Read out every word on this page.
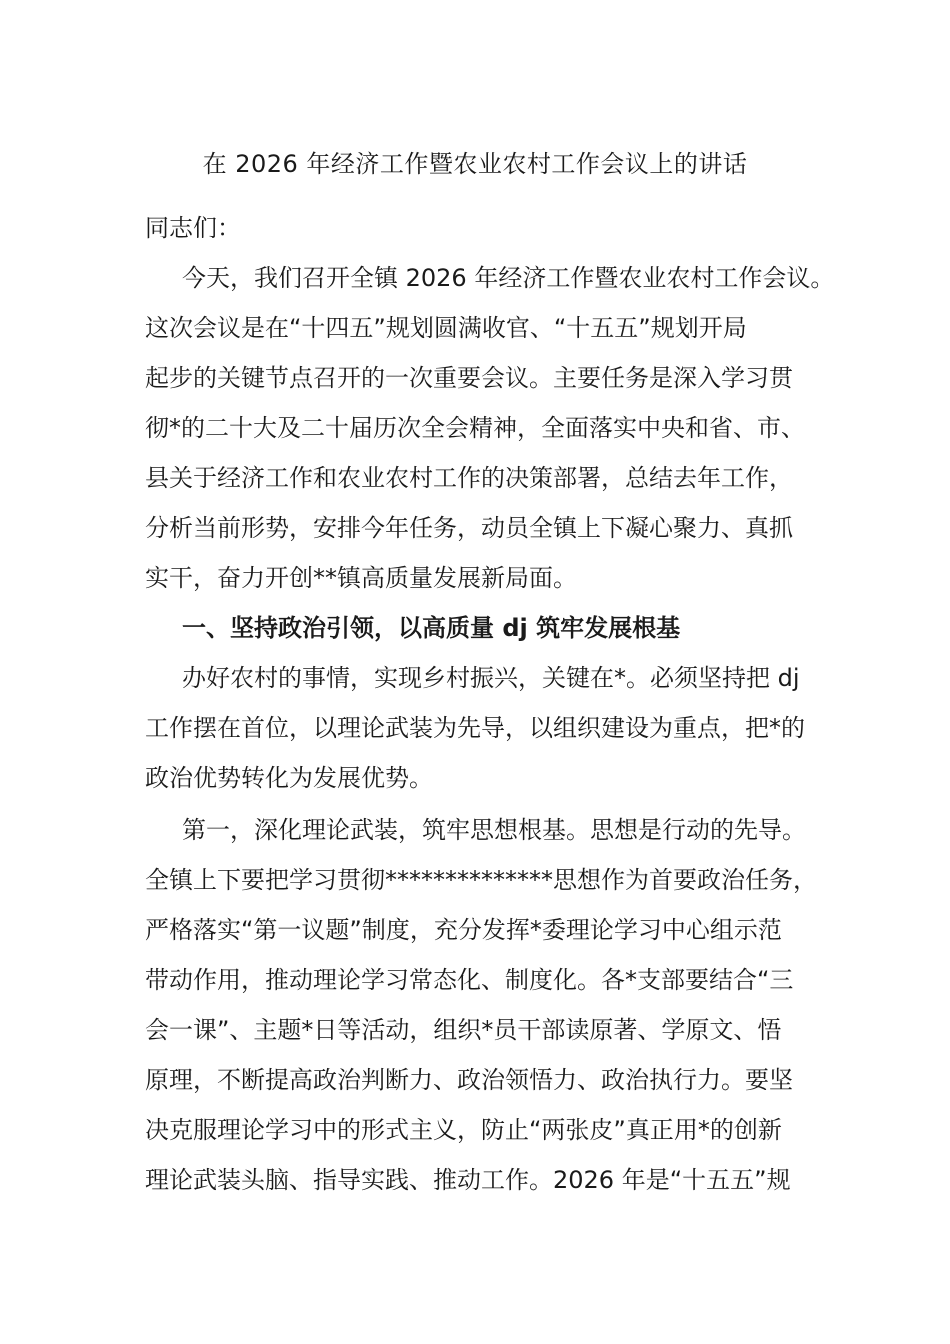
在 2026 年经济工作暨农业农村工作会议上的讲话
同志们：
今天，我们召开全镇 2026 年经济工作暨农业农村工作会议。
这次会议是在“十四五”规划圆满收官、“十五五”规划开局
起步的关键节点召开的一次重要会议。主要任务是深入学习贯
彻*的二十大及二十届历次全会精神，全面落实中央和省、市、
县关于经济工作和农业农村工作的决策部署，总结去年工作，
分析当前形势，安排今年任务，动员全镇上下凝心聚力、真抓
实干，奋力开创**镇高质量发展新局面。
一、坚持政治引领，以高质量 dj 筑牢发展根基
办好农村的事情，实现乡村振兴，关键在*。必须坚持把 dj
工作摆在首位，以理论武装为先导，以组织建设为重点，把*的
政治优势转化为发展优势。
第一，深化理论武装，筑牢思想根基。思想是行动的先导。
全镇上下要把学习贯彻**************思想作为首要政治任务，
严格落实“第一议题”制度，充分发挥*委理论学习中心组示范
带动作用，推动理论学习常态化、制度化。各*支部要结合“三
会一课”、主题*日等活动，组织*员干部读原著、学原文、悟
原理，不断提高政治判断力、政治领悟力、政治执行力。要坚
决克服理论学习中的形式主义，防止“两张皮”真正用*的创新
理论武装头脑、指导实践、推动工作。2026 年是“十五五”规
